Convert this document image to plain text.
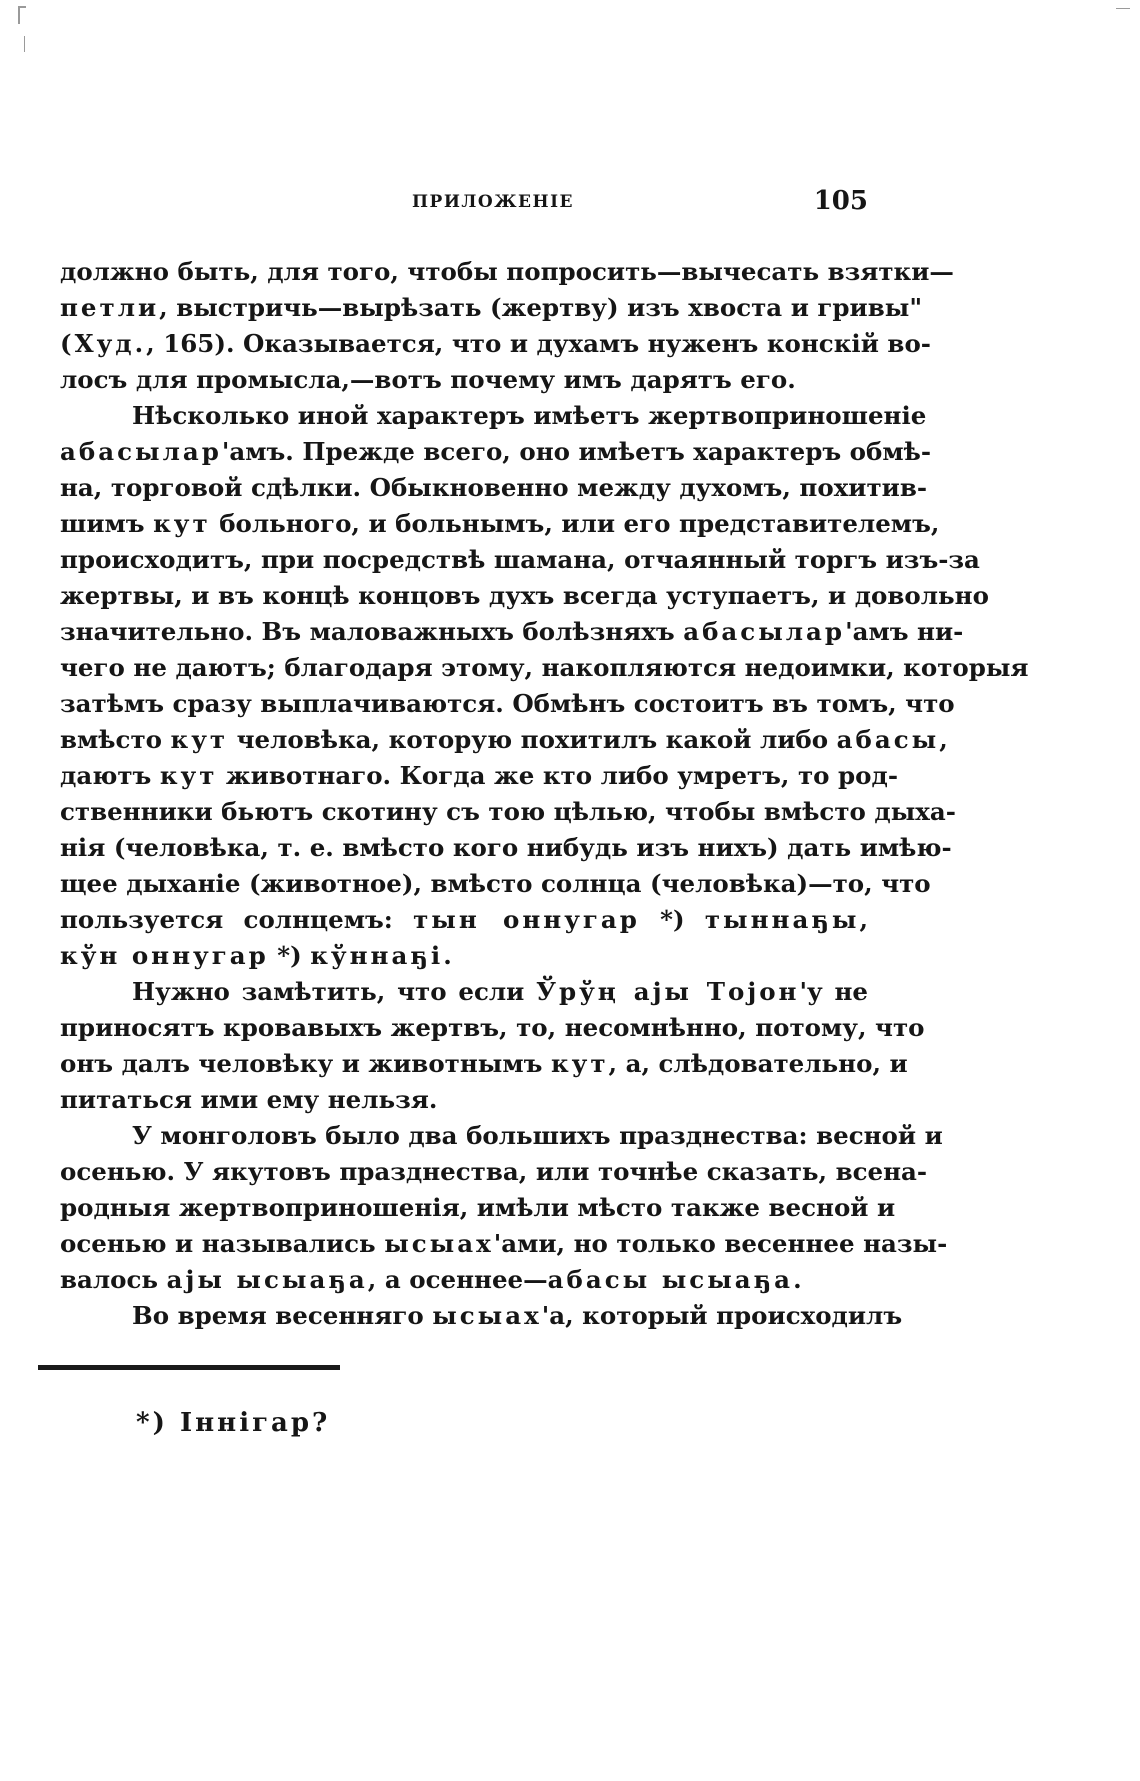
ПРИЛОЖЕНІЕ	105
должно быть, для того, чтобы попросить—вычесать взятки—
петли, выстричь—вырѣзать (жертву) изъ хвоста и гривы"
(Худ., 165). Оказывается, что и духамъ нуженъ конскій во-
лосъ для промысла,—вотъ почему имъ дарятъ его.
Нѣсколько иной характеръ имѣетъ жертвоприношеніе
абасылар'амъ. Прежде всего, оно имѣетъ характеръ обмѣ-
на, торговой сдѣлки. Обыкновенно между духомъ, похитив-
шимъ кут больного, и больнымъ, или его представителемъ,
происходитъ, при посредствѣ шамана, отчаянный торгъ изъ-за
жертвы, и въ концѣ концовъ духъ всегда уступаетъ, и довольно
значительно. Въ маловажныхъ болѣзняхъ абасылар'амъ ни-
чего не даютъ; благодаря этому, накопляются недоимки, которыя
затѣмъ сразу выплачиваются. Обмѣнъ состоитъ въ томъ, что
вмѣсто кут человѣка, которую похитилъ какой либо абасы,
даютъ кут животнаго. Когда же кто либо умретъ, то род-
ственники бьютъ скотину съ тою цѣлью, чтобы вмѣсто дыха-
нія (человѣка, т. е. вмѣсто кого нибудь изъ нихъ) дать имѣю-
щее дыханіе (животное), вмѣсто солнца (человѣка)—то, что
пользуется солнцемъ: тын оннугар *) тыннаҕы,
кўн оннугар *) кўннаҕі.
Нужно замѣтить, что если Ўрўң ајы Тојон'у не
приносятъ кровавыхъ жертвъ, то, несомнѣнно, потому, что
онъ далъ человѣку и животнымъ кут, а, слѣдовательно, и
питаться ими ему нельзя.
У монголовъ было два большихъ празднества: весной и
осенью. У якутовъ празднества, или точнѣе сказать, всена-
родныя жертвоприношенія, имѣли мѣсто также весной и
осенью и назывались ысыах'ами, но только весеннее назы-
валось ајы ысыаҕа, а осеннее—абасы ысыаҕа.
Во время весенняго ысыах'а, который происходилъ
*) Іннігар?
